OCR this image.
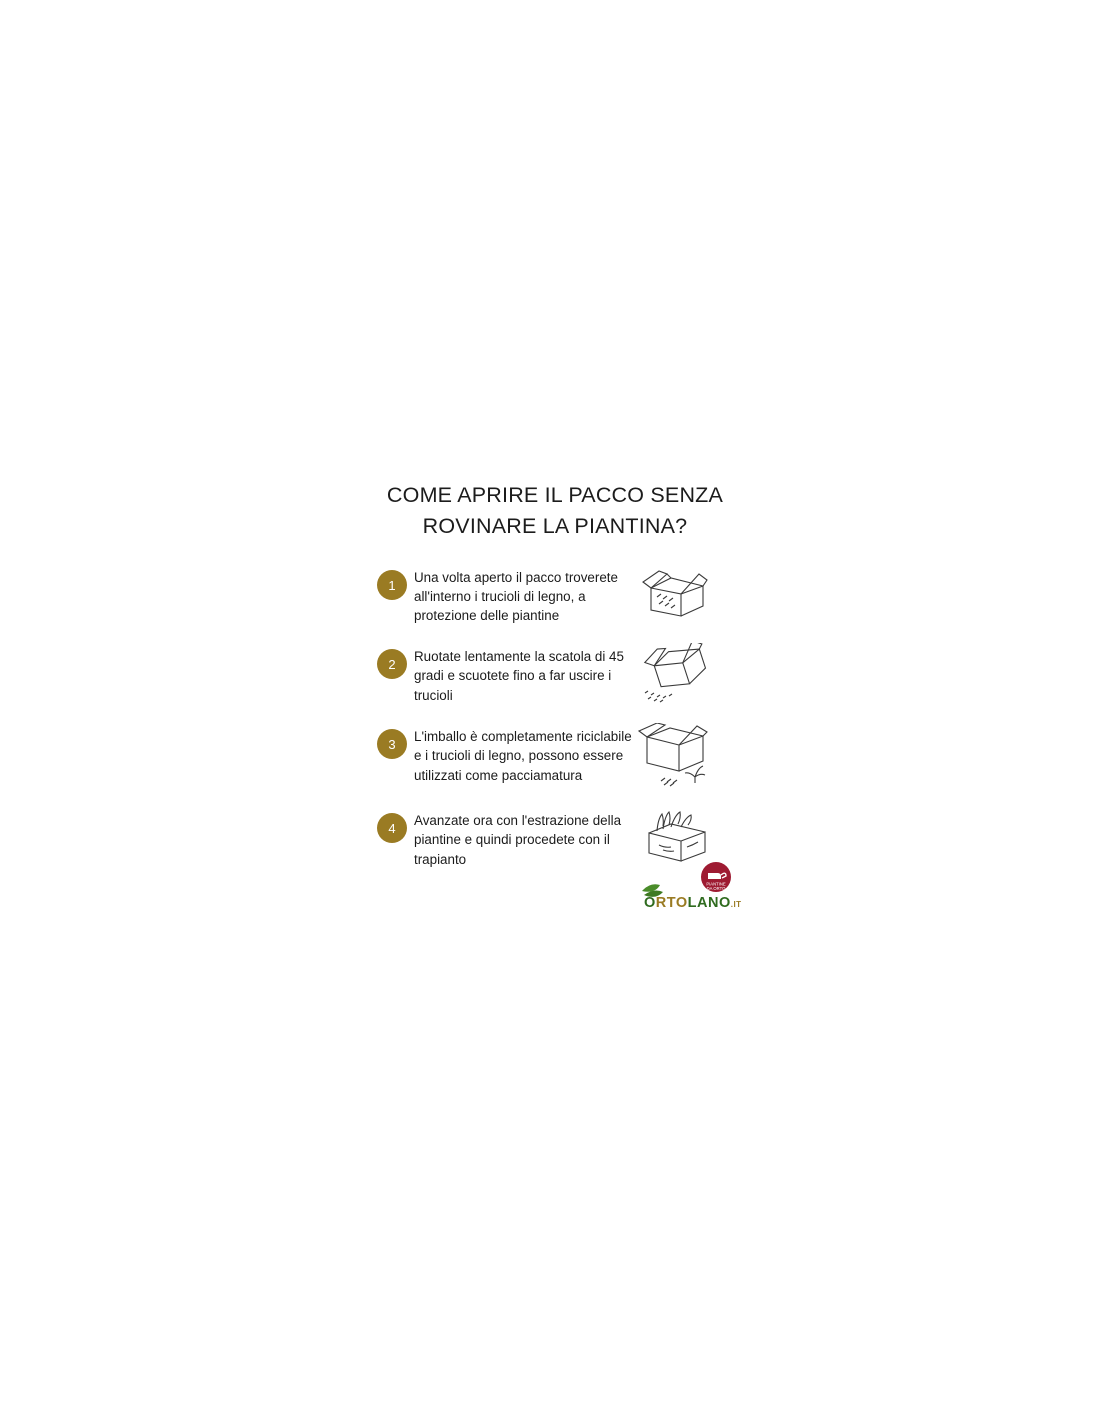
COME APRIRE IL PACCO SENZA
ROVINARE LA PIANTINA?
1	Una volta aperto il pacco troverete all'interno i trucioli di legno, a protezione delle piantine
2	Ruotate lentamente la scatola di 45 gradi e scuotete fino a far uscire i trucioli
3	L'imballo è completamente riciclabile e i trucioli di legno, possono essere utilizzati come pacciamatura
4	Avanzate ora con l'estrazione della piantine e quindi procedete con il trapianto
PIANTINE
DA ORTO
ORTOLANO.IT
